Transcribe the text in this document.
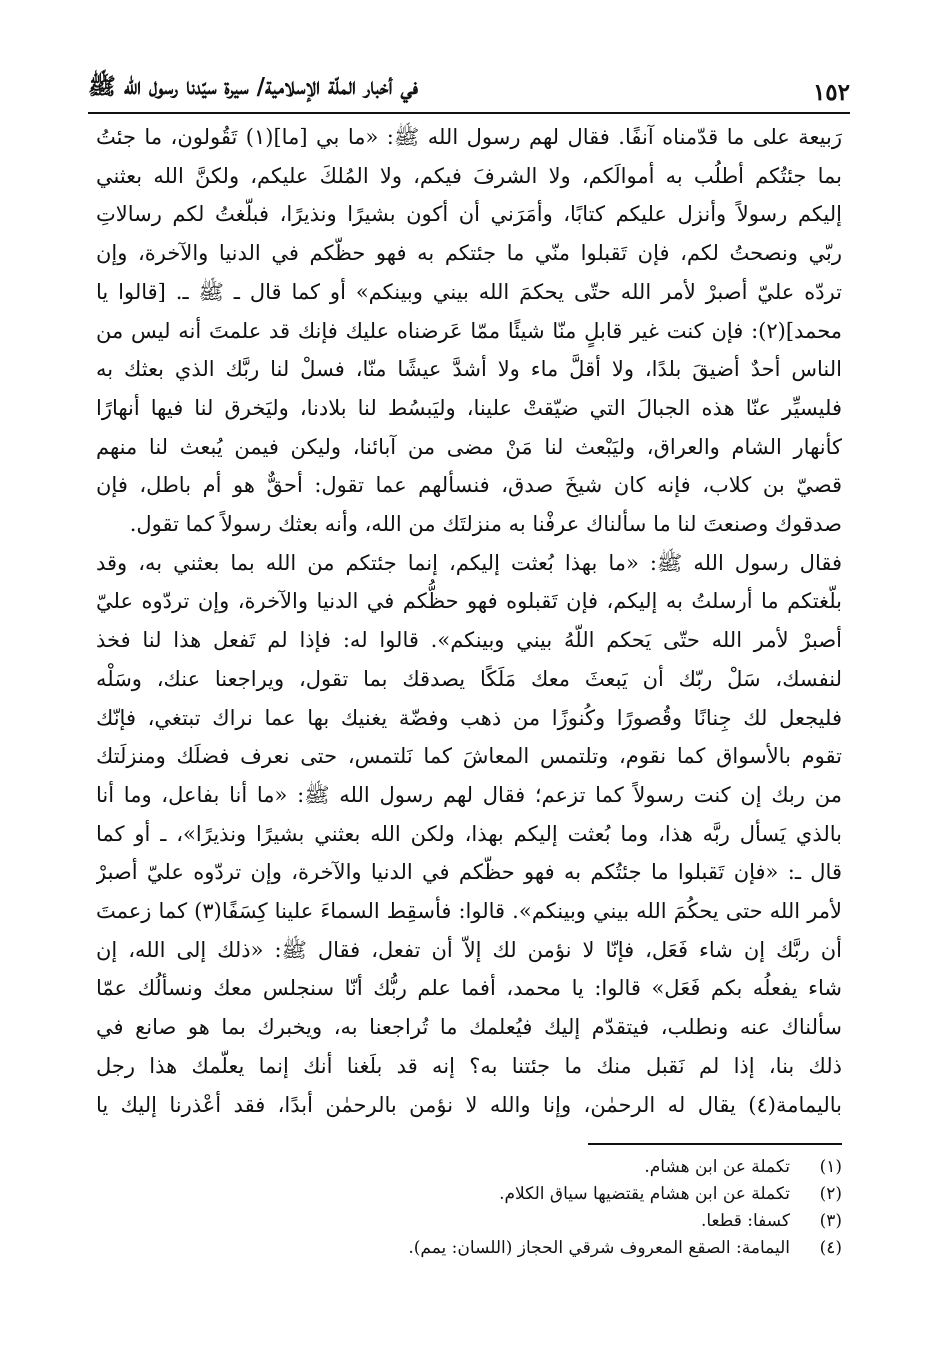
١٥٢
في أخبار الملّة الإسلامية/ سيرة سيّدنا رسول الله ﷺ

رَبيعة على ما قدّمناه آنفًا. فقال لهم رسول الله ﷺ: «ما بي [ما](١) تَقُولون، ما جئتُ

بما جئتُكم أطلُب به أموالَكم، ولا الشرفَ فيكم، ولا المُلكَ عليكم، ولكنَّ الله بعثني

إليكم رسولاً وأنزل عليكم كتابًا، وأمَرَني أن أكون بشيرًا ونذيرًا، فبلّغتُ لكم رسالاتِ

ربّي ونصحتُ لكم، فإن تَقبلوا منّي ما جئتكم به فهو حظّكم في الدنيا والآخرة، وإن

تردّه عليّ أصبرْ لأمر الله حتّى يحكمَ الله بيني وبينكم» أو كما قال ـ ﷺ ـ. [قالوا يا

محمد](٢): فإن كنت غير قابلٍ منّا شيئًا ممّا عَرضناه عليك فإنك قد علمتَ أنه ليس من

الناس أحدٌ أضيقَ بلدًا، ولا أقلَّ ماء ولا أشدَّ عيشًا منّا، فسلْ لنا ربَّك الذي بعثك به

فليسيِّر عنّا هذه الجبالَ التي ضيّقتْ علينا، وليَبسُط لنا بلادنا، وليَخرق لنا فيها أنهارًا

كأنهار الشام والعراق، وليَبْعث لنا مَنْ مضى من آبائنا، وليكن فيمن يُبعث لنا منهم

قصيّ بن كلاب، فإنه كان شيخَ صدق، فنسألهم عما تقول: أحقٌّ هو أم باطل، فإن

صدقوك وصنعتَ لنا ما سألناك عرفْنا به منزلتَك من الله، وأنه بعثك رسولاً كما تقول.

فقال رسول الله ﷺ: «ما بهذا بُعثت إليكم، إنما جئتكم من الله بما بعثني به، وقد

بلّغتكم ما أرسلتُ به إليكم، فإن تَقبلوه فهو حظُّكم في الدنيا والآخرة، وإن تردّوه عليّ

أصبرْ لأمر الله حتّى يَحكم اللّهُ بيني وبينكم». قالوا له: فإذا لم تَفعل هذا لنا فخذ

لنفسك، سَلْ ربّك أن يَبعثَ معك مَلَكًا يصدقك بما تقول، ويراجعنا عنك، وسَلْه

فليجعل لك جِنانًا وقُصورًا وكُنوزًا من ذهب وفضّة يغنيك بها عما نراك تبتغي، فإنّك

تقوم بالأسواق كما نقوم، وتلتمس المعاشَ كما نَلتمس، حتى نعرف فضلَك ومنزلَتك

من ربك إن كنت رسولاً كما تزعم؛ فقال لهم رسول الله ﷺ: «ما أنا بفاعل، وما أنا

بالذي يَسأل ربَّه هذا، وما بُعثت إليكم بهذا، ولكن الله بعثني بشيرًا ونذيرًا»، ـ أو كما

قال ـ: «فإن تَقبلوا ما جئتُكم به فهو حظّكم في الدنيا والآخرة، وإن تردّوه عليّ أصبرْ

لأمر الله حتى يحكُمَ الله بيني وبينكم». قالوا: فأسقِط السماءَ علينا كِسَفًا(٣) كما زعمتَ

أن ربَّك إن شاء فَعَل، فإنّا لا نؤمن لك إلاّ أن تفعل، فقال ﷺ: «ذلك إلى الله، إن

شاء يفعلُه بكم فَعَل» قالوا: يا محمد، أفما علم ربُّك أنّا سنجلس معك ونسألُك عمّا

سألناك عنه ونطلب، فيتقدّم إليك فيُعلمك ما تُراجعنا به، ويخبرك بما هو صانع في

ذلك بنا، إذا لم نَقبل منك ما جئتنا به؟ إنه قد بلَغنا أنك إنما يعلّمك هذا رجل

باليمامة(٤) يقال له الرحمٰن، وإنا والله لا نؤمن بالرحمٰن أبدًا، فقد أعْذرنا إليك يا

(١)
تكملة عن ابن هشام.
(٢)
تكملة عن ابن هشام يقتضيها سياق الكلام.
(٣)
كسفا: قطعا.
(٤)
اليمامة: الصقع المعروف شرقي الحجاز (اللسان: يمم).
